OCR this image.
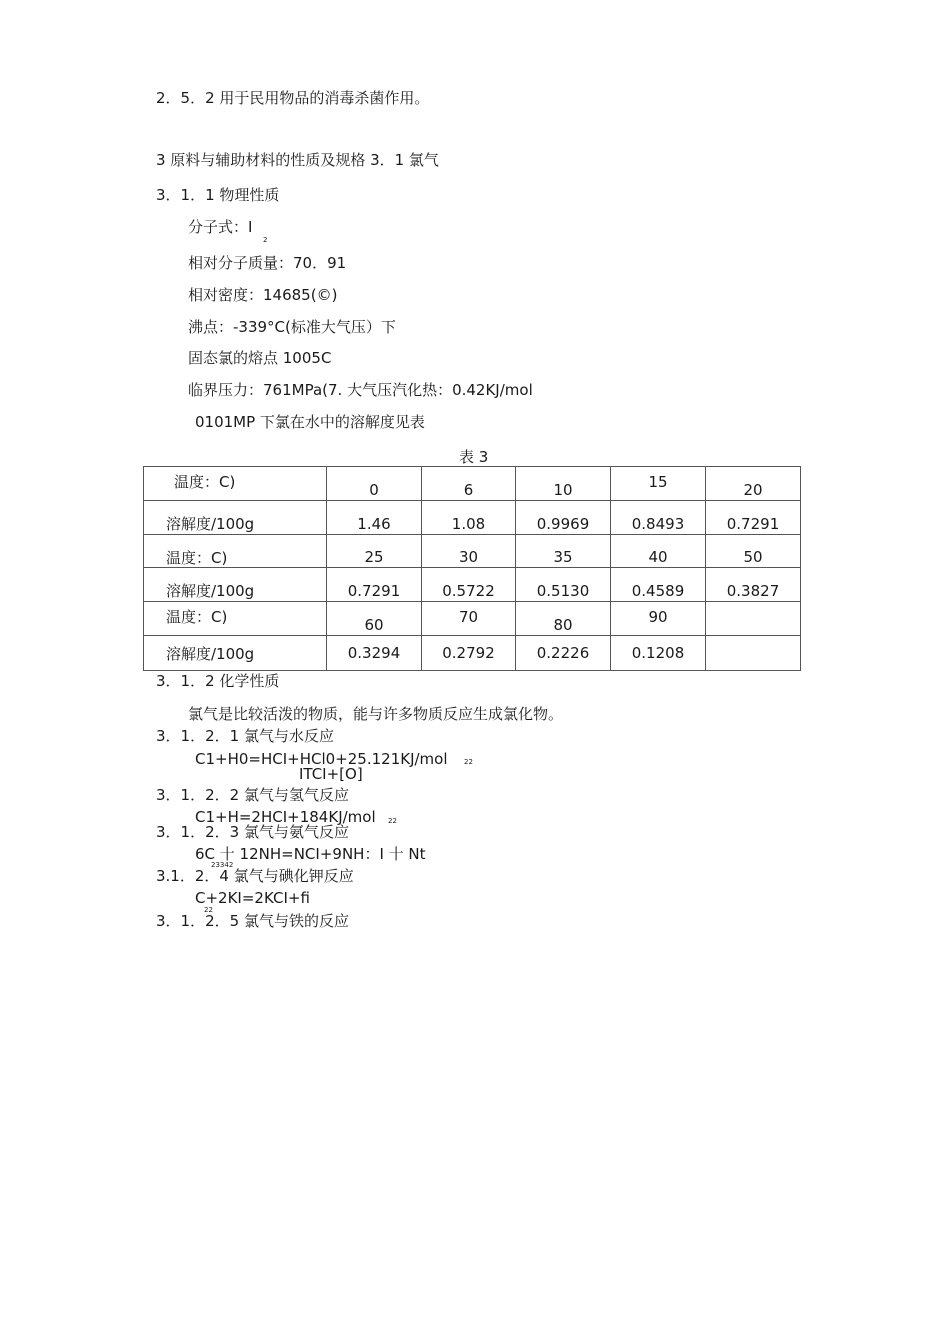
2．5．2 用于民用物品的消毒杀菌作用。
3 原料与辅助材料的性质及规格 3．1 氯气
3．1．1 物理性质
分子式：I
2
相对分子质量：70．91
相对密度：14685(©)
沸点：-339°C(标准大气压）下
固态氯的熔点 1005C
临界压力：761MPa(7. 大气压汽化热：0.42KJ/mol
0101MP 下氯在水中的溶解度见表
表 3
温度：C)	0	6	10	15	20
溶解度/100g	1.46	1.08	0.9969	0.8493	0.7291
温度：C)	25	30	35	40	50
溶解度/100g	0.7291	0.5722	0.5130	0.4589	0.3827
温度：C)	60	70	80	90	
溶解度/100g	0.3294	0.2792	0.2226	0.1208	
3．1．2 化学性质
氯气是比较活泼的物质，能与许多物质反应生成氯化物。
3．1．2．1 氯气与水反应
C1+H0=HCI+HCl0+25.121KJ/mol 22
ITCI+[O]
3．1．2．2 氯气与氢气反应
C1+H=2HCI+184KJ/mol 22
3．1．2．3 氯气与氨气反应
6C 十 12NH=NCI+9NH：I 十 Nt
23342
3.1．2．4 氯气与碘化钾反应
C+2KI=2KCI+fi
22
3．1．2．5 氯气与铁的反应
